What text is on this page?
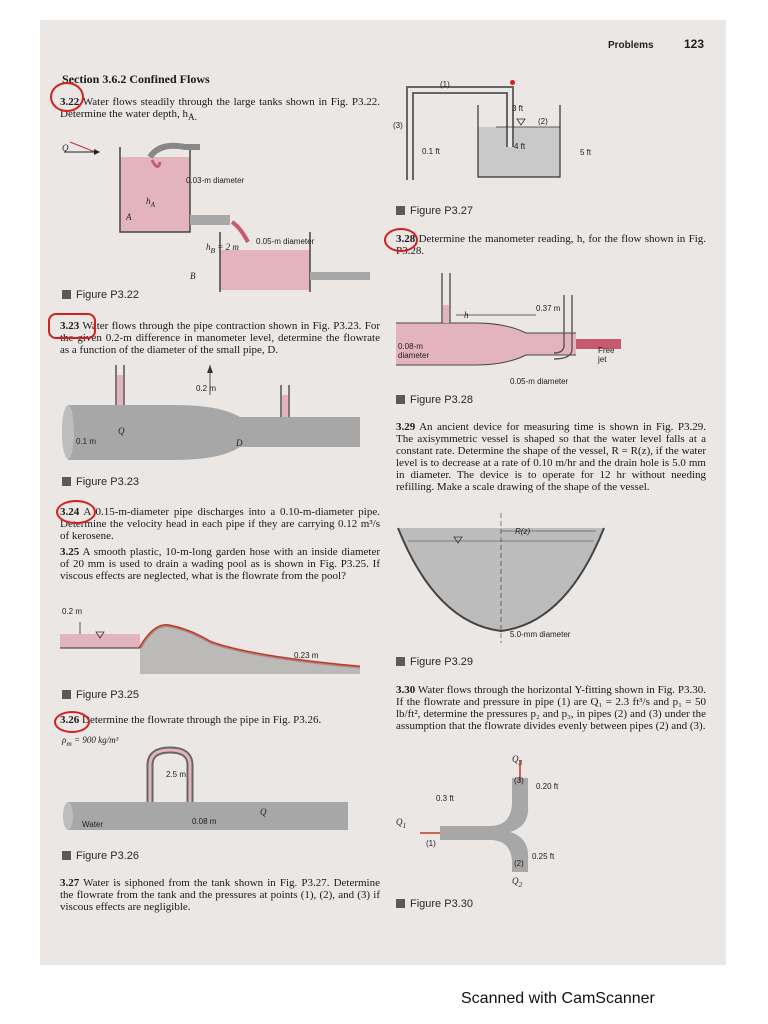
Problems	123
Section 3.6.2 Confined Flows
3.22 Water flows steadily through the large tanks shown in Fig. P3.22. Determine the water depth, $h_{A.}$
Q
$h_A$
0.03-m diameter
A
$h_B = 2$ m
0.05-m diameter
B
Figure P3.22
3.23 Water flows through the pipe contraction shown in Fig. P3.23. For the given 0.2-m difference in manometer level, determine the flowrate as a function of the diameter of the small pipe, D.
0.2 m
0.1 m
Q
D
Figure P3.23
3.24 A 0.15-m-diameter pipe discharges into a 0.10-m-diameter pipe. Determine the velocity head in each pipe if they are carrying 0.12 m³/s of kerosene.
3.25 A smooth plastic, 10-m-long garden hose with an inside diameter of 20 mm is used to drain a wading pool as is shown in Fig. P3.25. If viscous effects are neglected, what is the flowrate from the pool?
0.2 m
0.23 m
Figure P3.25
3.26 Determine the flowrate through the pipe in Fig. P3.26.
$\rho_m = 900$ kg/m³
2.5 m
Water	0.08 m
Q
Figure P3.26
3.27 Water is siphoned from the tank shown in Fig. P3.27. Determine the flowrate from the tank and the pressures at points (1), (2), and (3) if viscous effects are negligible.
(1)
(2)
(3)
3 ft
4 ft
0.1 ft	5 ft
Figure P3.27
3.28 Determine the manometer reading, h, for the flow shown in Fig. P3.28.
h
0.37 m
0.08-m diameter
0.05-m diameter
Free jet
Figure P3.28
3.29 An ancient device for measuring time is shown in Fig. P3.29. The axisymmetric vessel is shaped so that the water level falls at a constant rate. Determine the shape of the vessel, R = R(z), if the water level is to decrease at a rate of 0.10 m/hr and the drain hole is 5.0 mm in diameter. The device is to operate for 12 hr without needing refilling. Make a scale drawing of the shape of the vessel.
R(z)
5.0-mm diameter
Figure P3.29
3.30 Water flows through the horizontal Y-fitting shown in Fig. P3.30. If the flowrate and pressure in pipe (1) are Q₁ = 2.3 ft³/s and p₁ = 50 lb/ft², determine the pressures p₂ and p₃, in pipes (2) and (3) under the assumption that the flowrate divides evenly between pipes (2) and (3).
$Q_3$
(3)
0.20 ft
0.3 ft
$Q_1$
(1)
(2)
0.25 ft
$Q_2$
Figure P3.30
Scanned with CamScanner
